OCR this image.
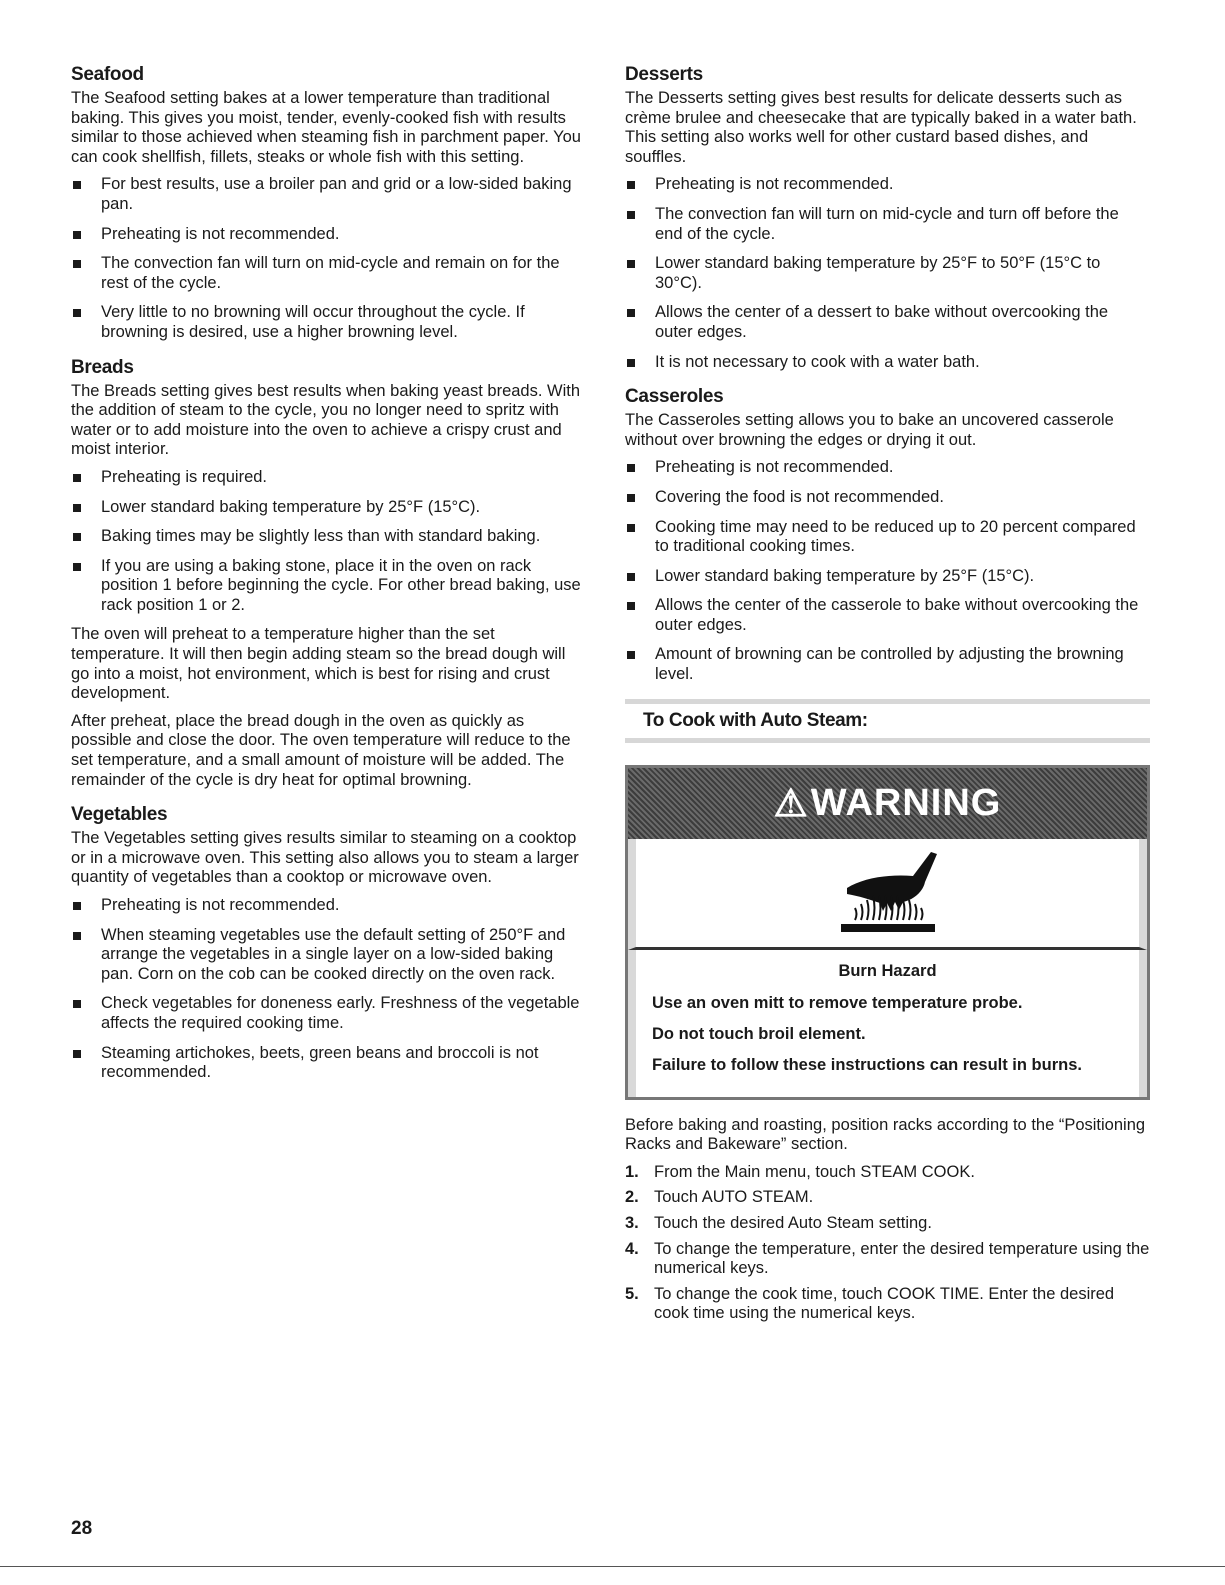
Seafood

The Seafood setting bakes at a lower temperature than traditional baking. This gives you moist, tender, evenly-cooked fish with results similar to those achieved when steaming fish in parchment paper. You can cook shellfish, fillets, steaks or whole fish with this setting.

For best results, use a broiler pan and grid or a low-sided baking pan.
Preheating is not recommended.
The convection fan will turn on mid-cycle and remain on for the rest of the cycle.
Very little to no browning will occur throughout the cycle. If browning is desired, use a higher browning level.
Breads

The Breads setting gives best results when baking yeast breads. With the addition of steam to the cycle, you no longer need to spritz with water or to add moisture into the oven to achieve a crispy crust and moist interior.

Preheating is required.
Lower standard baking temperature by 25°F (15°C).
Baking times may be slightly less than with standard baking.
If you are using a baking stone, place it in the oven on rack position 1 before beginning the cycle. For other bread baking, use rack position 1 or 2.

The oven will preheat to a temperature higher than the set temperature. It will then begin adding steam so the bread dough will go into a moist, hot environment, which is best for rising and crust development.

After preheat, place the bread dough in the oven as quickly as possible and close the door. The oven temperature will reduce to the set temperature, and a small amount of moisture will be added. The remainder of the cycle is dry heat for optimal browning.

Vegetables

The Vegetables setting gives results similar to steaming on a cooktop or in a microwave oven. This setting also allows you to steam a larger quantity of vegetables than a cooktop or microwave oven.

Preheating is not recommended.
When steaming vegetables use the default setting of 250°F and arrange the vegetables in a single layer on a low-sided baking pan. Corn on the cob can be cooked directly on the oven rack.
Check vegetables for doneness early. Freshness of the vegetable affects the required cooking time.
Steaming artichokes, beets, green beans and broccoli is not recommended.
Desserts

The Desserts setting gives best results for delicate desserts such as crème brulee and cheesecake that are typically baked in a water bath. This setting also works well for other custard based dishes, and souffles.

Preheating is not recommended.
The convection fan will turn on mid-cycle and turn off before the end of the cycle.
Lower standard baking temperature by 25°F to 50°F (15°C to 30°C).
Allows the center of a dessert to bake without overcooking the outer edges.
It is not necessary to cook with a water bath.
Casseroles

The Casseroles setting allows you to bake an uncovered casserole without over browning the edges or drying it out.

Preheating is not recommended.
Covering the food is not recommended.
Cooking time may need to be reduced up to 20 percent compared to traditional cooking times.
Lower standard baking temperature by 25°F (15°C).
Allows the center of the casserole to bake without overcooking the outer edges.
Amount of browning can be controlled by adjusting the browning level.
To Cook with Auto Steam:
⚠ WARNING
Burn Hazard
Use an oven mitt to remove temperature probe.
Do not touch broil element.
Failure to follow these instructions can result in burns.

Before baking and roasting, position racks according to the “Positioning Racks and Bakeware” section.

1. From the Main menu, touch STEAM COOK.
2. Touch AUTO STEAM.
3. Touch the desired Auto Steam setting.
4. To change the temperature, enter the desired temperature using the numerical keys.
5. To change the cook time, touch COOK TIME. Enter the desired cook time using the numerical keys.
28
